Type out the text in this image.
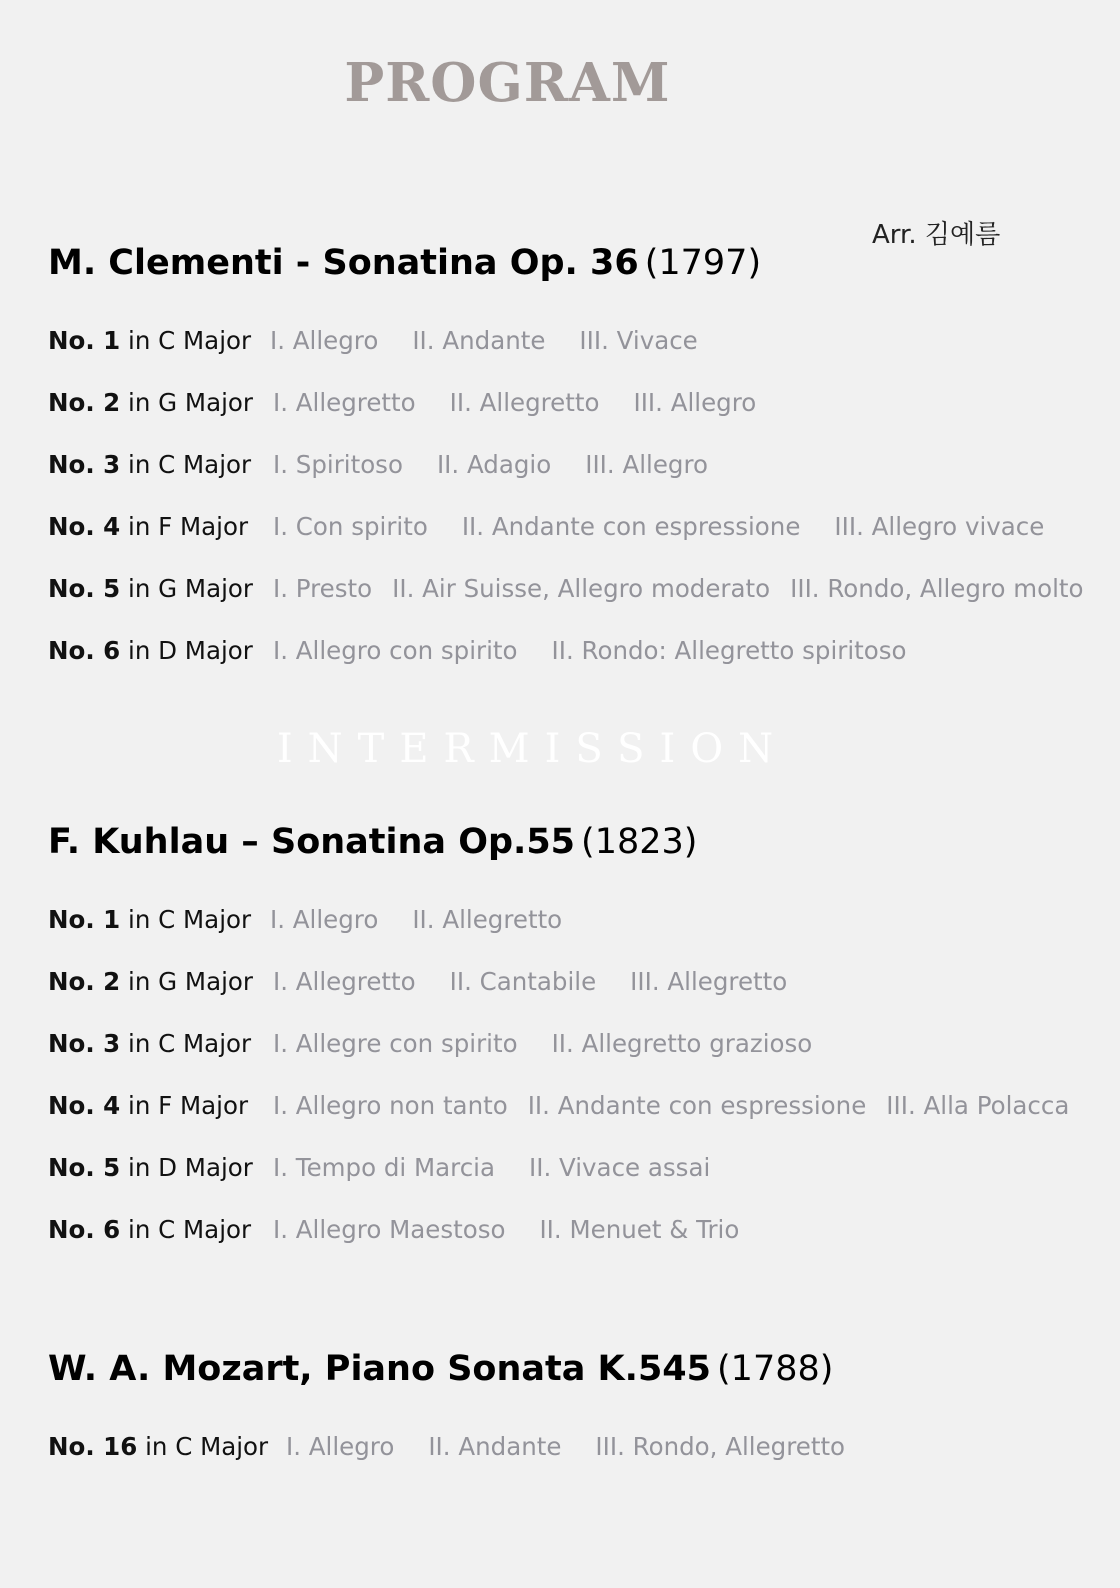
PROGRAM
Arr. 김예름
INTERMISSION
M. Clementi - Sonatina Op. 36 (1797)
No. 1 in C Major I. Allegro II. Andante III. Vivace
No. 2 in G Major I. Allegretto II. Allegretto III. Allegro
No. 3 in C Major I. Spiritoso II. Adagio III. Allegro
No. 4 in F Major I. Con spirito II. Andante con espressione III. Allegro vivace
No. 5 in G Major I. Presto II. Air Suisse, Allegro moderato III. Rondo, Allegro molto
No. 6 in D Major I. Allegro con spirito II. Rondo: Allegretto spiritoso
F. Kuhlau – Sonatina Op.55 (1823)
No. 1 in C Major I. Allegro II. Allegretto
No. 2 in G Major I. Allegretto II. Cantabile III. Allegretto
No. 3 in C Major I. Allegre con spirito II. Allegretto grazioso
No. 4 in F Major I. Allegro non tanto II. Andante con espressione III. Alla Polacca
No. 5 in D Major I. Tempo di Marcia II. Vivace assai
No. 6 in C Major I. Allegro Maestoso II. Menuet & Trio
W. A. Mozart, Piano Sonata K.545 (1788)
No. 16 in C Major I. Allegro II. Andante III. Rondo, Allegretto
